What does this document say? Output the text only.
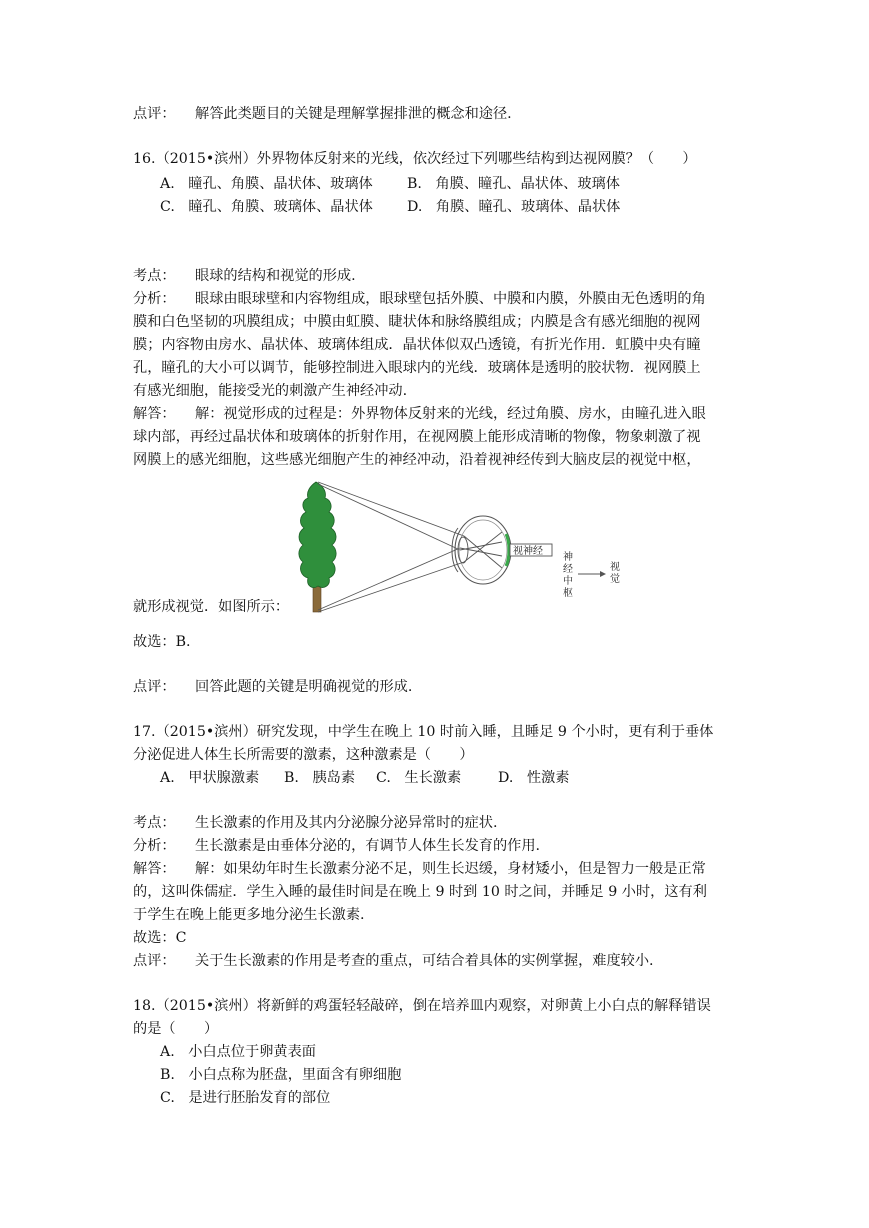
点评： 解答此类题目的关键是理解掌握排泄的概念和途径.
16.（2015•滨州）外界物体反射来的光线，依次经过下列哪些结构到达视网膜？（　　）
A. 瞳孔、角膜、晶状体、玻璃体 B. 角膜、瞳孔、晶状体、玻璃体
C. 瞳孔、角膜、玻璃体、晶状体 D. 角膜、瞳孔、玻璃体、晶状体
考点： 眼球的结构和视觉的形成.
分析： 眼球由眼球壁和内容物组成，眼球壁包括外膜、中膜和内膜，外膜由无色透明的角
膜和白色坚韧的巩膜组成；中膜由虹膜、睫状体和脉络膜组成；内膜是含有感光细胞的视网
膜；内容物由房水、晶状体、玻璃体组成．晶状体似双凸透镜，有折光作用．虹膜中央有瞳
孔，瞳孔的大小可以调节，能够控制进入眼球内的光线．玻璃体是透明的胶状物．视网膜上
有感光细胞，能接受光的刺激产生神经冲动.
解答： 解：视觉形成的过程是：外界物体反射来的光线，经过角膜、房水，由瞳孔进入眼
球内部，再经过晶状体和玻璃体的折射作用，在视网膜上能形成清晰的物像，物象刺激了视
网膜上的感光细胞，这些感光细胞产生的神经冲动，沿着视神经传到大脑皮层的视觉中枢，
就形成视觉．如图所示：
视神经
神
经
中
枢
视
觉
故选：B.
点评： 回答此题的关键是明确视觉的形成.
17.（2015•滨州）研究发现，中学生在晚上 10 时前入睡，且睡足 9 个小时，更有利于垂体
分泌促进人体生长所需要的激素，这种激素是（　　）
A. 甲状腺激素 B. 胰岛素 C. 生长激素	D. 性激素
考点： 生长激素的作用及其内分泌腺分泌异常时的症状.
分析： 生长激素是由垂体分泌的，有调节人体生长发育的作用.
解答： 解：如果幼年时生长激素分泌不足，则生长迟缓，身材矮小，但是智力一般是正常
的，这叫侏儒症．学生入睡的最佳时间是在晚上 9 时到 10 时之间，并睡足 9 小时，这有利
于学生在晚上能更多地分泌生长激素.
故选：C
点评： 关于生长激素的作用是考查的重点，可结合着具体的实例掌握，难度较小.
18.（2015•滨州）将新鲜的鸡蛋轻轻敲碎，倒在培养皿内观察，对卵黄上小白点的解释错误
的是（　　）
A. 小白点位于卵黄表面
B. 小白点称为胚盘，里面含有卵细胞
C. 是进行胚胎发育的部位
